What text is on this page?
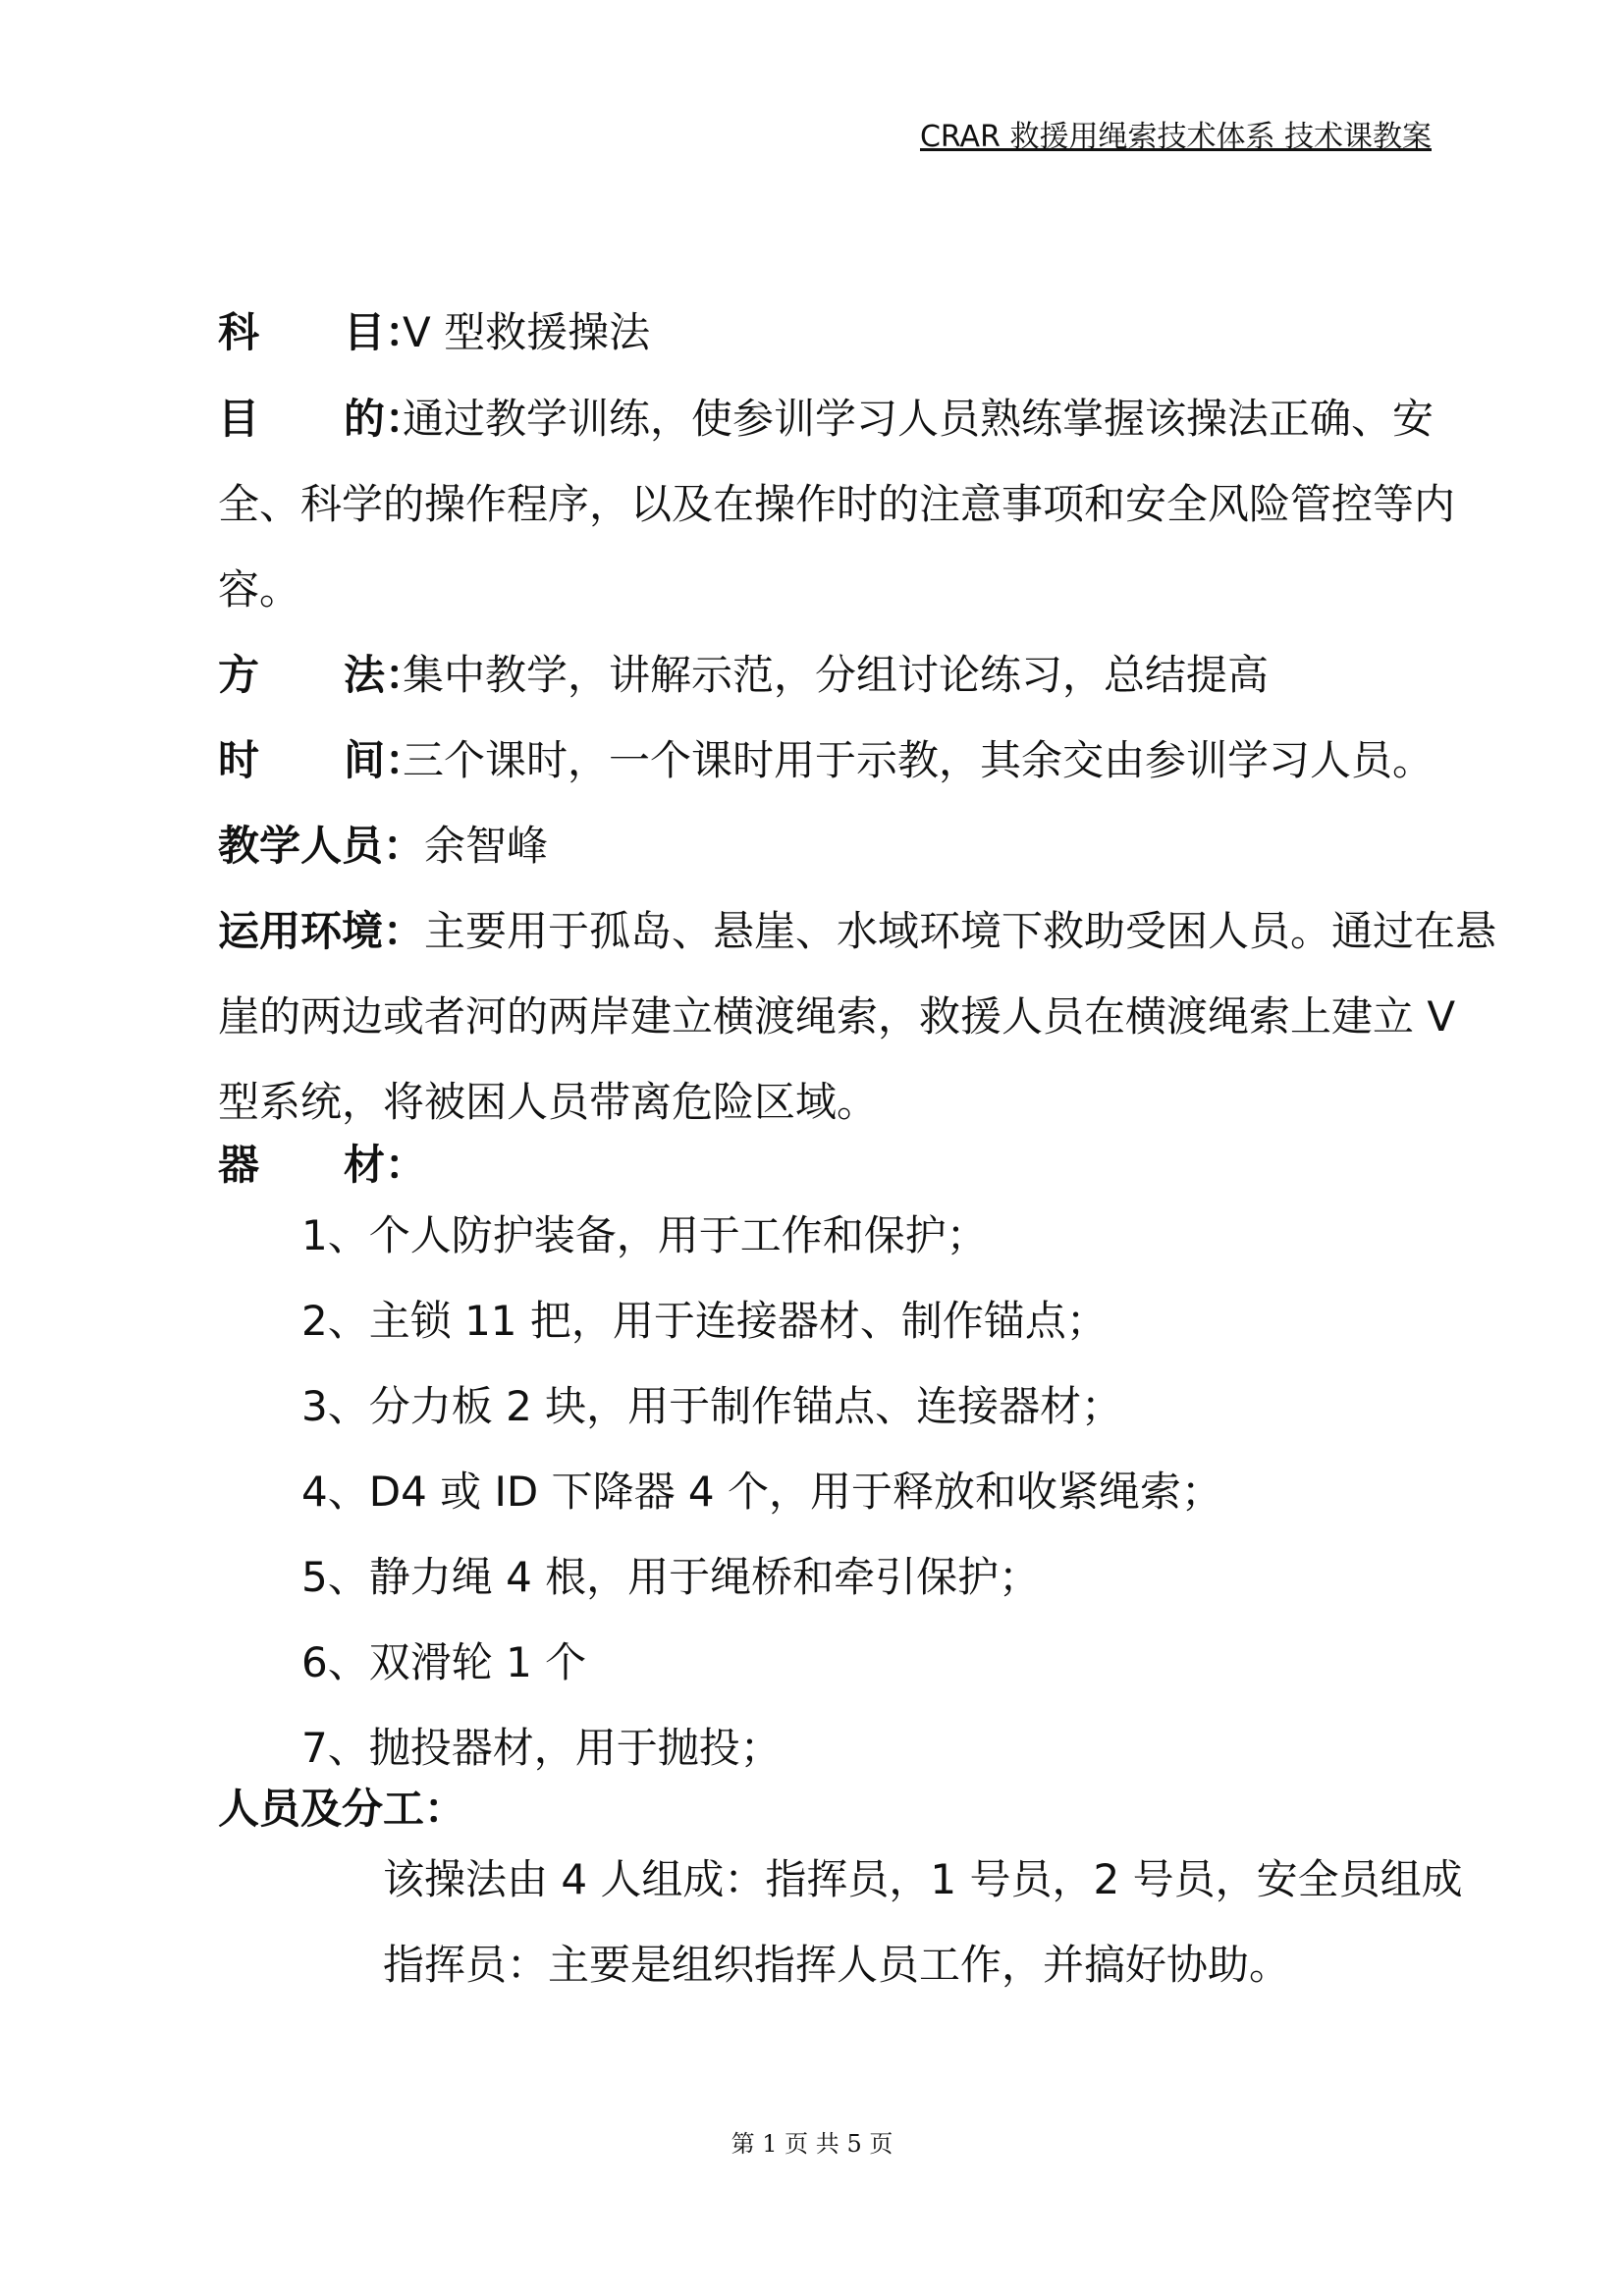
CRAR 救援用绳索技术体系 技术课教案
科 目：V 型救援操法
目 的：通过教学训练，使参训学习人员熟练掌握该操法正确、安
全、科学的操作程序，以及在操作时的注意事项和安全风险管控等内
容。
方 法：集中教学，讲解示范，分组讨论练习，总结提高
时 间：三个课时，一个课时用于示教，其余交由参训学习人员。
教学人员：余智峰
运用环境：主要用于孤岛、悬崖、水域环境下救助受困人员。通过在悬
崖的两边或者河的两岸建立横渡绳索，救援人员在横渡绳索上建立 V
型系统，将被困人员带离危险区域。
器 材：
1、个人防护装备，用于工作和保护；
2、主锁 11 把，用于连接器材、制作锚点；
3、分力板 2 块，用于制作锚点、连接器材；
4、D4 或 ID 下降器 4 个，用于释放和收紧绳索；
5、静力绳 4 根，用于绳桥和牵引保护；
6、双滑轮 1 个
7、抛投器材，用于抛投；
人员及分工：
该操法由 4 人组成：指挥员，1 号员，2 号员，安全员组成
指挥员：主要是组织指挥人员工作，并搞好协助。
第 1 页 共 5 页
